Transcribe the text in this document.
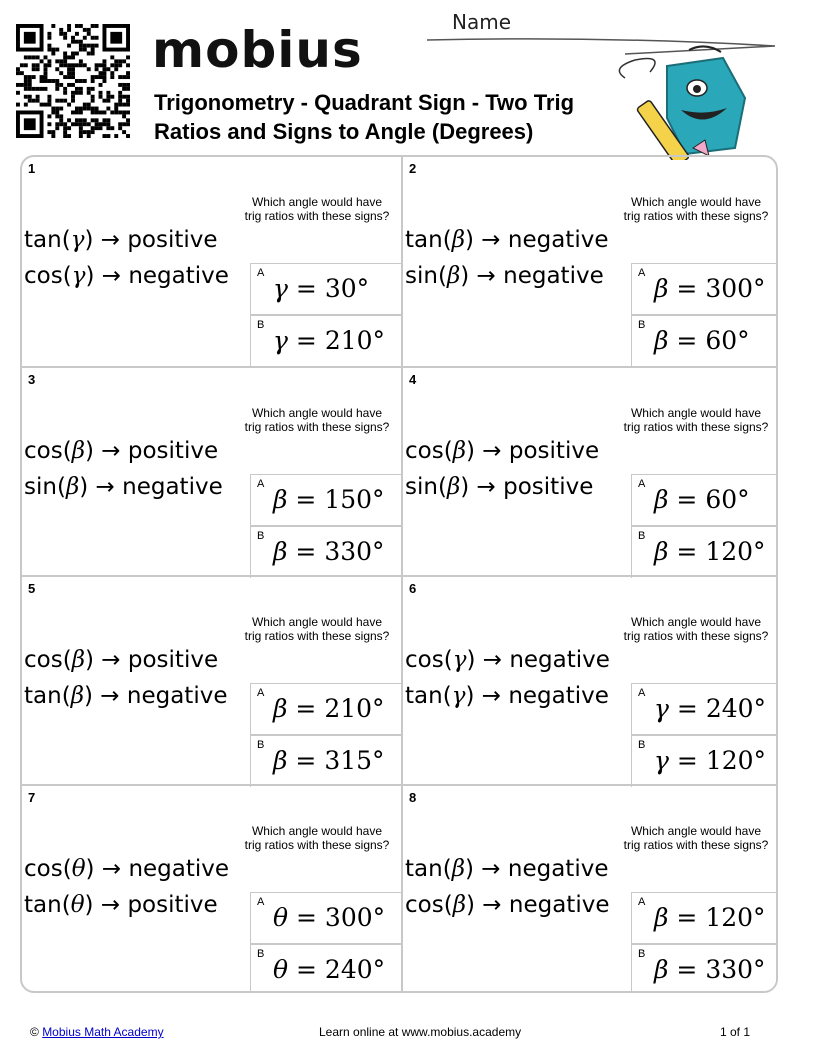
mobius	Name
Trigonometry - Quadrant Sign - Two Trig
Ratios and Signs to Angle (Degrees)
1
Which angle would have
trig ratios with these signs?
tan(γ) → positive
cos(γ) → negative	A
γ = 30°
B
γ = 210°
2
Which angle would have
trig ratios with these signs?
tan(β) → negative
sin(β) → negative	A
β = 300°
B
β = 60°
3
Which angle would have
trig ratios with these signs?
cos(β) → positive
sin(β) → negative	A
β = 150°
B
β = 330°
4
Which angle would have
trig ratios with these signs?
cos(β) → positive
sin(β) → positive	A
β = 60°
B
β = 120°
5
Which angle would have
trig ratios with these signs?
cos(β) → positive
tan(β) → negative	A
β = 210°
B
β = 315°
6
Which angle would have
trig ratios with these signs?
cos(γ) → negative
tan(γ) → negative	A
γ = 240°
B
γ = 120°
7
Which angle would have
trig ratios with these signs?
cos(θ) → negative
tan(θ) → positive	A
θ = 300°
B
θ = 240°
8
Which angle would have
trig ratios with these signs?
tan(β) → negative
cos(β) → negative	A
β = 120°
B
β = 330°
© Mobius Math Academy	Learn online at www.mobius.academy	1 of 1
